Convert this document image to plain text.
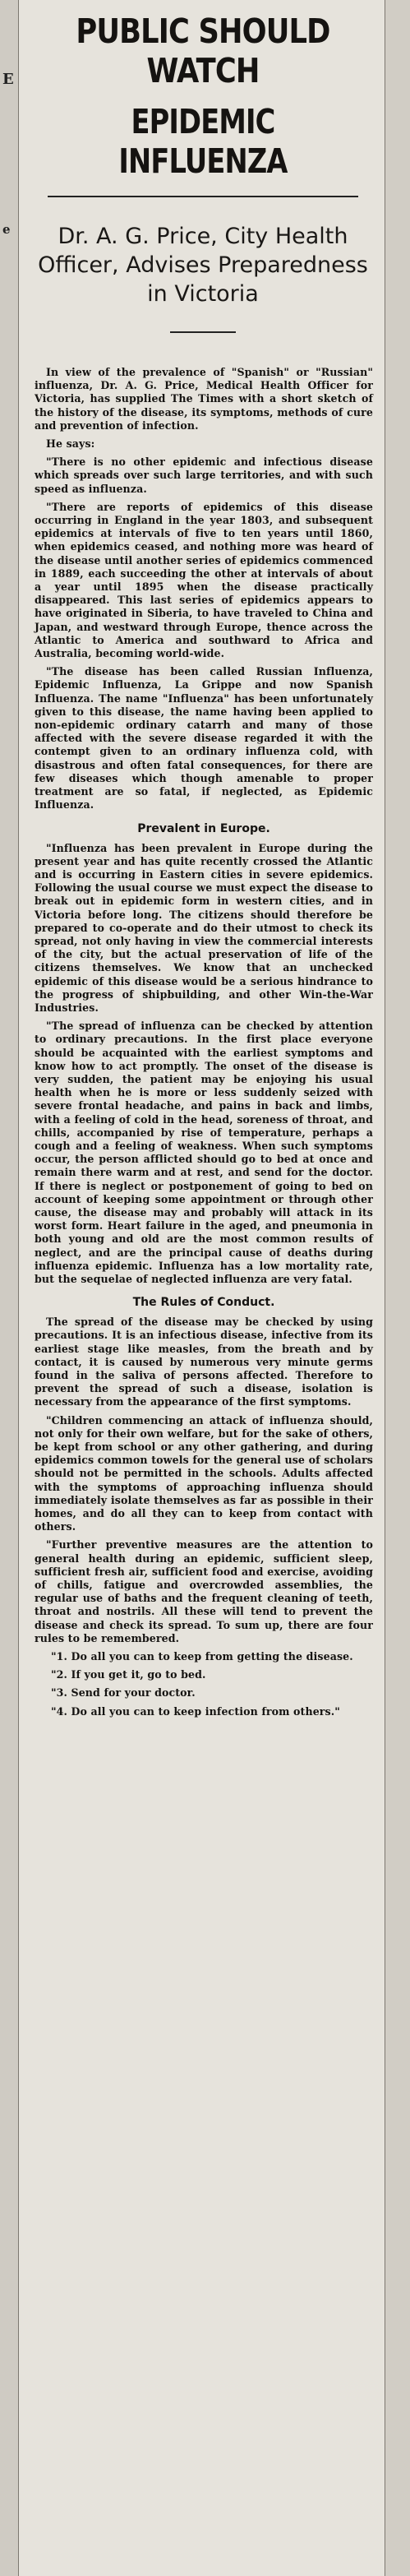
E
e
PUBLIC SHOULD WATCH
EPIDEMIC INFLUENZA
Dr. A. G. Price, City Health Officer, Advises Preparedness in Victoria

In view of the prevalence of "Spanish" or "Russian" influenza, Dr. A. G. Price, Medical Health Officer for Victoria, has supplied The Times with a short sketch of the history of the disease, its symptoms, methods of cure and prevention of infection.

He says:

"There is no other epidemic and infectious disease which spreads over such large territories, and with such speed as influenza.

"There are reports of epidemics of this disease occurring in England in the year 1803, and subsequent epidemics at intervals of five to ten years until 1860, when epidemics ceased, and nothing more was heard of the disease until another series of epidemics commenced in 1889, each succeeding the other at intervals of about a year until 1895 when the disease practically disappeared. This last series of epidemics appears to have originated in Siberia, to have traveled to China and Japan, and westward through Europe, thence across the Atlantic to America and southward to Africa and Australia, becoming world-wide.

"The disease has been called Russian Influenza, Epidemic Influenza, La Grippe and now Spanish Influenza. The name "Influenza" has been unfortunately given to this disease, the name having been applied to non-epidemic ordinary catarrh and many of those affected with the severe disease regarded it with the contempt given to an ordinary influenza cold, with disastrous and often fatal consequences, for there are few diseases which though amenable to proper treatment are so fatal, if neglected, as Epidemic Influenza.

Prevalent in Europe.

"Influenza has been prevalent in Europe during the present year and has quite recently crossed the Atlantic and is occurring in Eastern cities in severe epidemics. Following the usual course we must expect the disease to break out in epidemic form in western cities, and in Victoria before long. The citizens should therefore be prepared to co-operate and do their utmost to check its spread, not only having in view the commercial interests of the city, but the actual preservation of life of the citizens themselves. We know that an unchecked epidemic of this disease would be a serious hindrance to the progress of shipbuilding, and other Win-the-War Industries.

"The spread of influenza can be checked by attention to ordinary precautions. In the first place everyone should be acquainted with the earliest symptoms and know how to act promptly. The onset of the disease is very sudden, the patient may be enjoying his usual health when he is more or less suddenly seized with severe frontal headache, and pains in back and limbs, with a feeling of cold in the head, soreness of throat, and chills, accompanied by rise of temperature, perhaps a cough and a feeling of weakness. When such symptoms occur, the person afflicted should go to bed at once and remain there warm and at rest, and send for the doctor. If there is neglect or postponement of going to bed on account of keeping some appointment or through other cause, the disease may and probably will attack in its worst form. Heart failure in the aged, and pneumonia in both young and old are the most common results of neglect, and are the principal cause of deaths during influenza epidemic. Influenza has a low mortality rate, but the sequelae of neglected influenza are very fatal.

The Rules of Conduct.

The spread of the disease may be checked by using precautions. It is an infectious disease, infective from its earliest stage like measles, from the breath and by contact, it is caused by numerous very minute germs found in the saliva of persons affected. Therefore to prevent the spread of such a disease, isolation is necessary from the appearance of the first symptoms.

"Children commencing an attack of influenza should, not only for their own welfare, but for the sake of others, be kept from school or any other gathering, and during epidemics common towels for the general use of scholars should not be permitted in the schools. Adults affected with the symptoms of approaching influenza should immediately isolate themselves as far as possible in their homes, and do all they can to keep from contact with others.

"Further preventive measures are the attention to general health during an epidemic, sufficient sleep, sufficient fresh air, sufficient food and exercise, avoiding of chills, fatigue and overcrowded assemblies, the regular use of baths and the frequent cleaning of teeth, throat and nostrils. All these will tend to prevent the disease and check its spread. To sum up, there are four rules to be remembered.

"1. Do all you can to keep from getting the disease.

"2. If you get it, go to bed.

"3. Send for your doctor.

"4. Do all you can to keep infection from others."
